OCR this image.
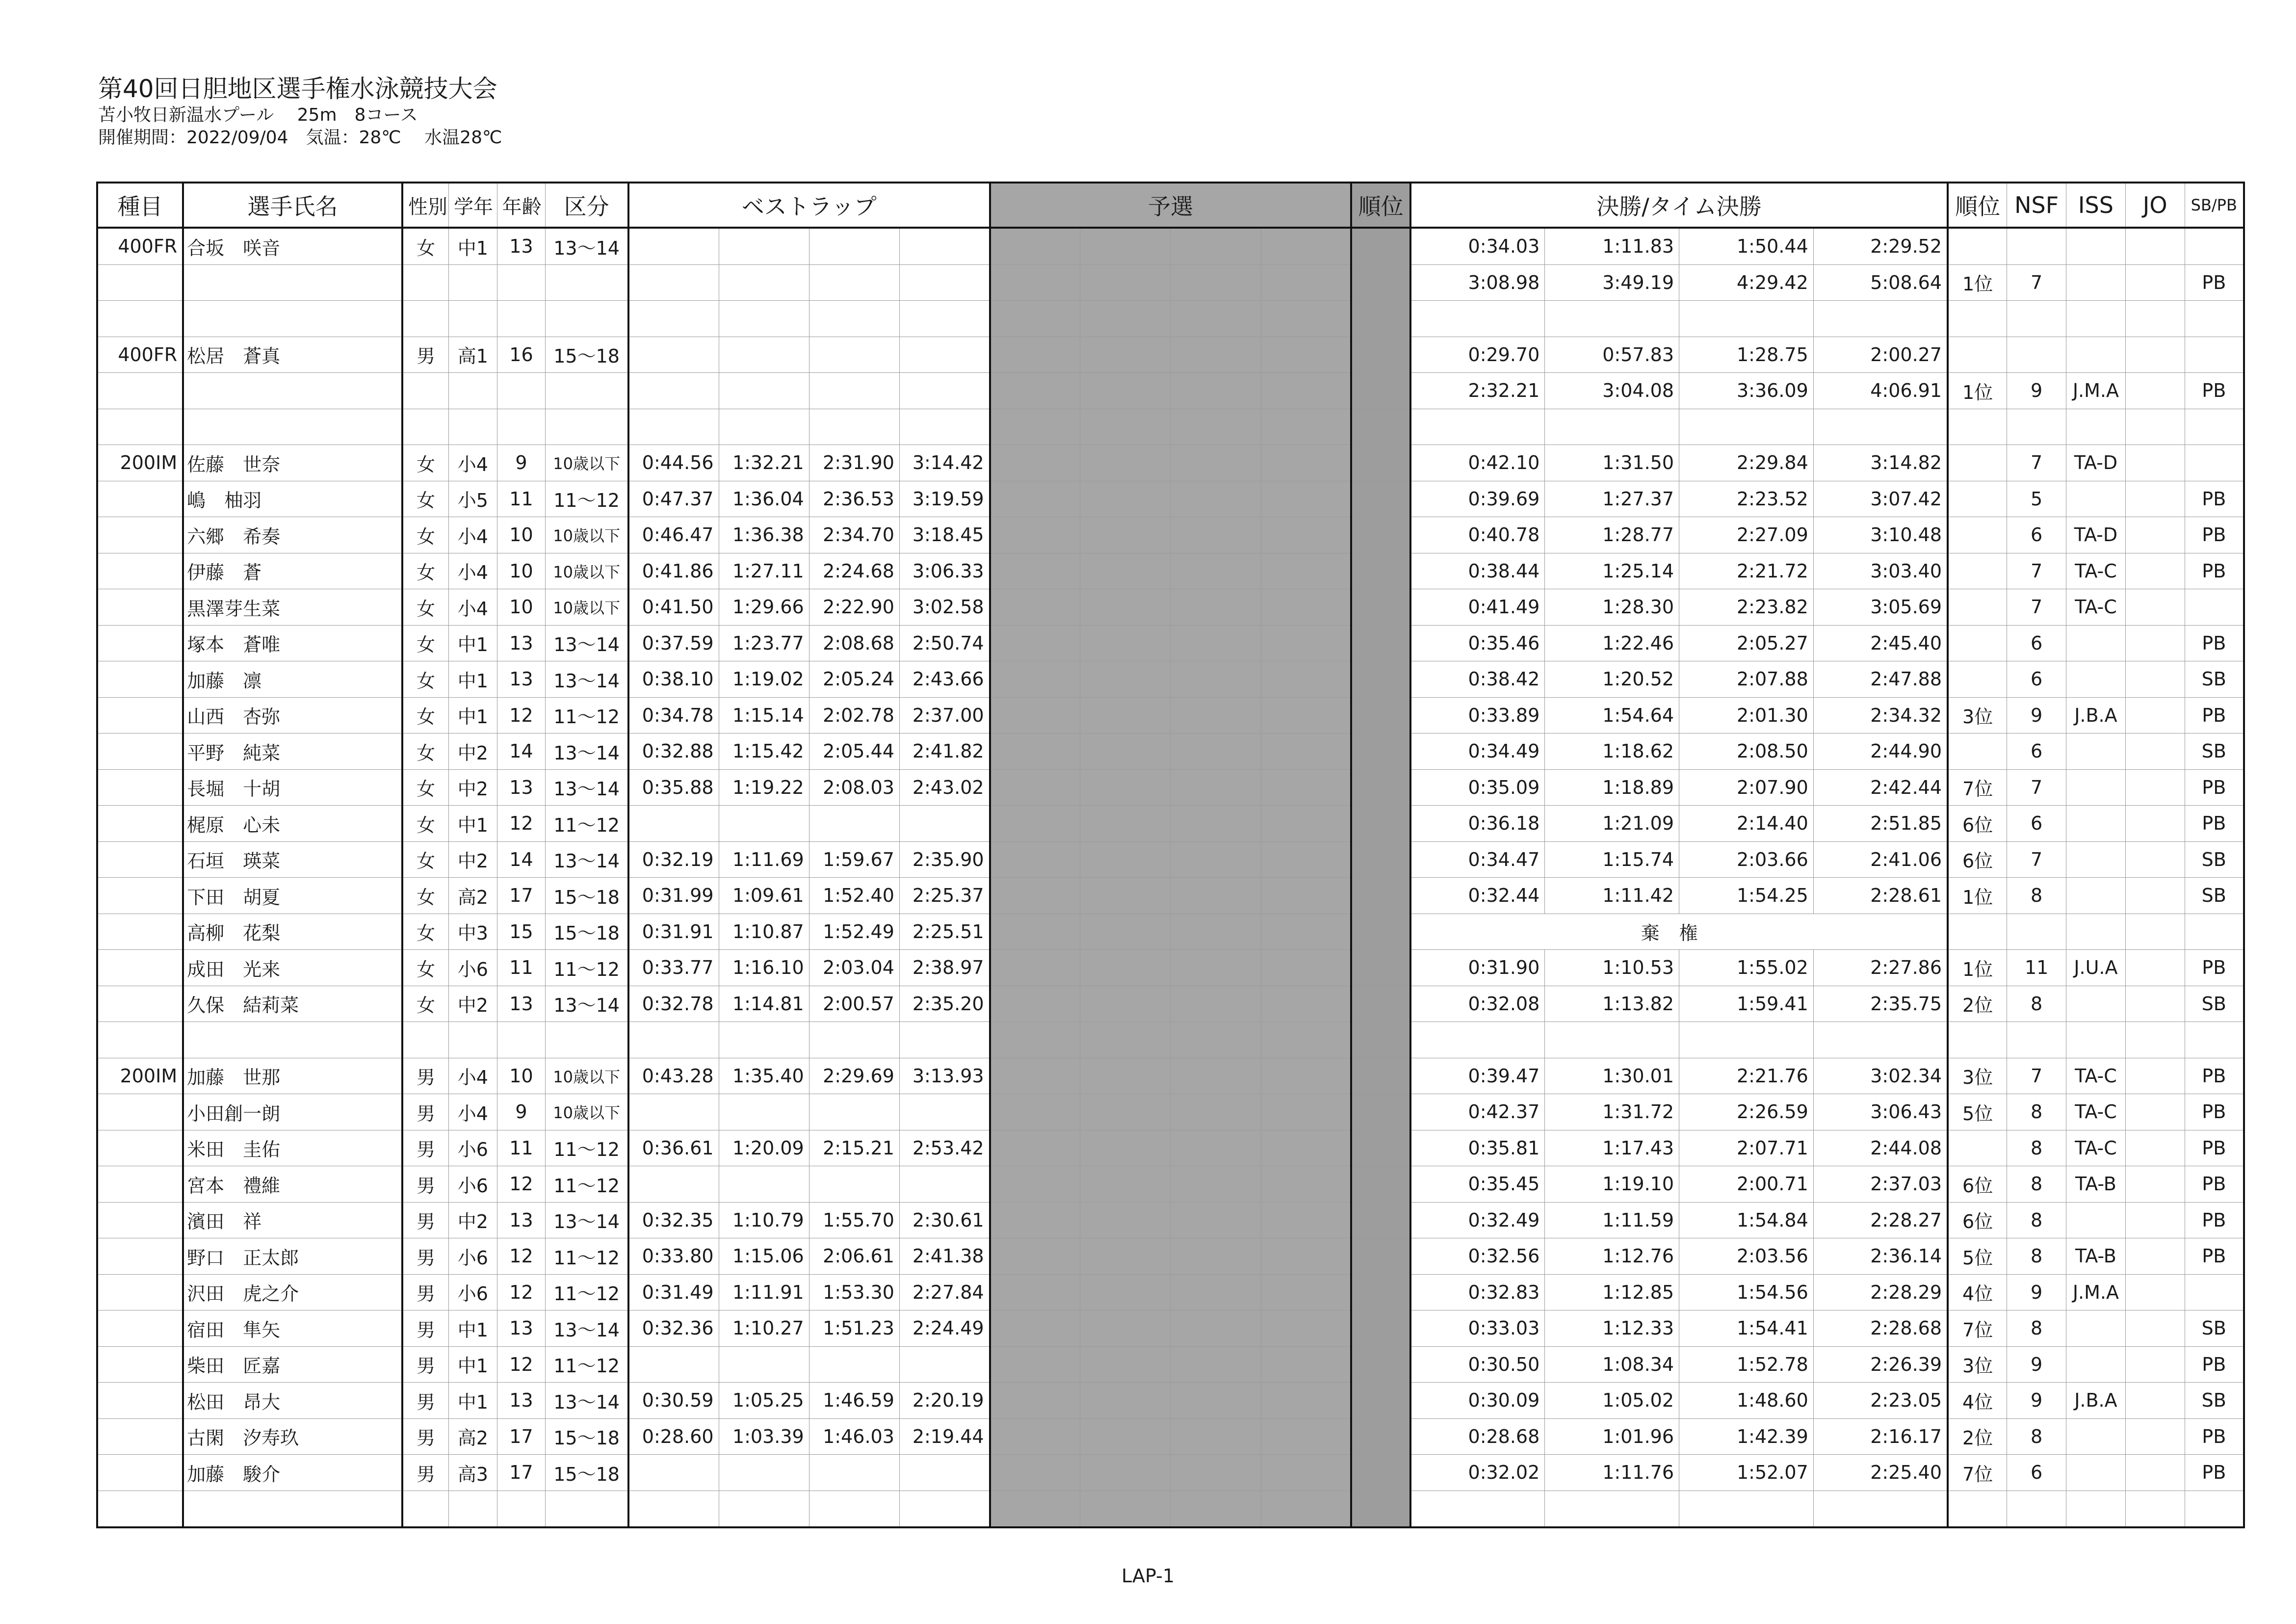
第40回日胆地区選手権水泳競技大会
苫小牧日新温水プール　 25m　8コース
開催期間：2022/09/04　気温：28℃　 水温28℃
種目	選手氏名	性別	学年	年齢	区分	ベストラップ				予選				順位	決勝/タイム決勝				順位	NSF	ISS	JO	SB/PB
400FR	合坂　咲音	女	中1	13	13～14										0:34.03	1:11.83	1:50.44	2:29.52					
															3:08.98	3:49.19	4:29.42	5:08.64	1位	7			PB

400FR	松居　蒼真	男	高1	16	15～18										0:29.70	0:57.83	1:28.75	2:00.27					
															2:32.21	3:04.08	3:36.09	4:06.91	1位	9	J.M.A		PB

200IM	佐藤　世奈	女	小4	9	10歳以下	0:44.56	1:32.21	2:31.90	3:14.42						0:42.10	1:31.50	2:29.84	3:14.82		7	TA-D		
	嶋　柚羽	女	小5	11	11～12	0:47.37	1:36.04	2:36.53	3:19.59						0:39.69	1:27.37	2:23.52	3:07.42		5			PB
	六郷　希奏	女	小4	10	10歳以下	0:46.47	1:36.38	2:34.70	3:18.45						0:40.78	1:28.77	2:27.09	3:10.48		6	TA-D		PB
	伊藤　蒼	女	小4	10	10歳以下	0:41.86	1:27.11	2:24.68	3:06.33						0:38.44	1:25.14	2:21.72	3:03.40		7	TA-C		PB
	黒澤芽生菜	女	小4	10	10歳以下	0:41.50	1:29.66	2:22.90	3:02.58						0:41.49	1:28.30	2:23.82	3:05.69		7	TA-C		
	塚本　蒼唯	女	中1	13	13～14	0:37.59	1:23.77	2:08.68	2:50.74						0:35.46	1:22.46	2:05.27	2:45.40		6			PB
	加藤　凛	女	中1	13	13～14	0:38.10	1:19.02	2:05.24	2:43.66						0:38.42	1:20.52	2:07.88	2:47.88		6			SB
	山西　杏弥	女	中1	12	11～12	0:34.78	1:15.14	2:02.78	2:37.00						0:33.89	1:54.64	2:01.30	2:34.32	3位	9	J.B.A		PB
	平野　純菜	女	中2	14	13～14	0:32.88	1:15.42	2:05.44	2:41.82						0:34.49	1:18.62	2:08.50	2:44.90		6			SB
	長堀　十胡	女	中2	13	13～14	0:35.88	1:19.22	2:08.03	2:43.02						0:35.09	1:18.89	2:07.90	2:42.44	7位	7			PB
	梶原　心未	女	中1	12	11～12										0:36.18	1:21.09	2:14.40	2:51.85	6位	6			PB
	石垣　瑛菜	女	中2	14	13～14	0:32.19	1:11.69	1:59.67	2:35.90						0:34.47	1:15.74	2:03.66	2:41.06	6位	7			SB
	下田　胡夏	女	高2	17	15～18	0:31.99	1:09.61	1:52.40	2:25.37						0:32.44	1:11.42	1:54.25	2:28.61	1位	8			SB
	高柳　花梨	女	中3	15	15～18	0:31.91	1:10.87	1:52.49	2:25.51						棄権								
	成田　光来	女	小6	11	11～12	0:33.77	1:16.10	2:03.04	2:38.97						0:31.90	1:10.53	1:55.02	2:27.86	1位	11	J.U.A		PB
	久保　結莉菜	女	中2	13	13～14	0:32.78	1:14.81	2:00.57	2:35.20						0:32.08	1:13.82	1:59.41	2:35.75	2位	8			SB

200IM	加藤　世那	男	小4	10	10歳以下	0:43.28	1:35.40	2:29.69	3:13.93						0:39.47	1:30.01	2:21.76	3:02.34	3位	7	TA-C		PB
	小田創一朗	男	小4	9	10歳以下										0:42.37	1:31.72	2:26.59	3:06.43	5位	8	TA-C		PB
	米田　圭佑	男	小6	11	11～12	0:36.61	1:20.09	2:15.21	2:53.42						0:35.81	1:17.43	2:07.71	2:44.08		8	TA-C		PB
	宮本　禮維	男	小6	12	11～12										0:35.45	1:19.10	2:00.71	2:37.03	6位	8	TA-B		PB
	濱田　祥	男	中2	13	13～14	0:32.35	1:10.79	1:55.70	2:30.61						0:32.49	1:11.59	1:54.84	2:28.27	6位	8			PB
	野口　正太郎	男	小6	12	11～12	0:33.80	1:15.06	2:06.61	2:41.38						0:32.56	1:12.76	2:03.56	2:36.14	5位	8	TA-B		PB
	沢田　虎之介	男	小6	12	11～12	0:31.49	1:11.91	1:53.30	2:27.84						0:32.83	1:12.85	1:54.56	2:28.29	4位	9	J.M.A		
	宿田　隼矢	男	中1	13	13～14	0:32.36	1:10.27	1:51.23	2:24.49						0:33.03	1:12.33	1:54.41	2:28.68	7位	8			SB
	柴田　匠嘉	男	中1	12	11～12										0:30.50	1:08.34	1:52.78	2:26.39	3位	9			PB
	松田　昂大	男	中1	13	13～14	0:30.59	1:05.25	1:46.59	2:20.19						0:30.09	1:05.02	1:48.60	2:23.05	4位	9	J.B.A		SB
	古閑　汐寿玖	男	高2	17	15～18	0:28.60	1:03.39	1:46.03	2:19.44						0:28.68	1:01.96	1:42.39	2:16.17	2位	8			PB
	加藤　駿介	男	高3	17	15～18										0:32.02	1:11.76	1:52.07	2:25.40	7位	6			PB

LAP-1
